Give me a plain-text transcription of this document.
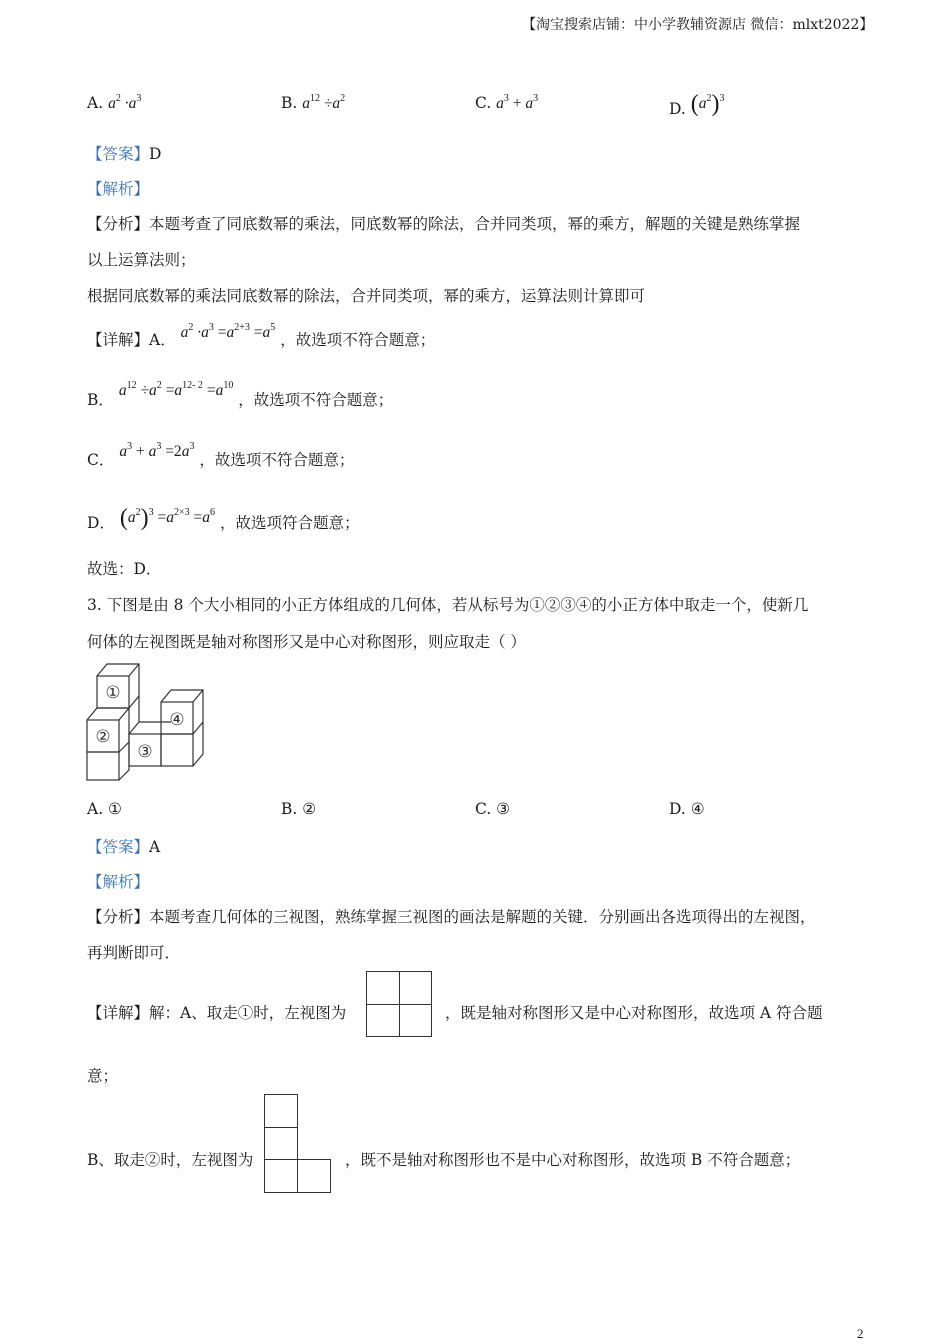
【淘宝搜索店铺：中小学教辅资源店 微信：mlxt2022】
A. $a^2 \cdot a^3$	B. $a^{12} \div a^2$	C. $a^3 + a^3$
D. $(a^2)^3$
【答案】D
【解析】
【分析】本题考查了同底数幂的乘法，同底数幂的除法，合并同类项，幂的乘方，解题的关键是熟练掌握
以上运算法则；
根据同底数幂的乘法同底数幂的除法，合并同类项，幂的乘方，运算法则计算即可
【详解】A． $a^2 \cdot a^3 =a^{2+3} =a^5$ ，故选项不符合题意；
B． $a^{12} \div a^2 =a^{12- 2} =a^{10}$ ，故选项不符合题意；
C． $a^3 + a^3 =2a^3$ ，故选项不符合题意；
D． $(a^2)^3 =a^{2\times 3} =a^6$ ，故选项符合题意；
故选：D．
3. 下图是由 8 个大小相同的小正方体组成的几何体，若从标号为①②③④的小正方体中取走一个，使新几
何体的左视图既是轴对称图形又是中心对称图形，则应取走（ ）
①
②
③
④
A. ①	B. ②	C. ③	D. ④
【答案】A
【解析】
【分析】本题考查几何体的三视图，熟练掌握三视图的画法是解题的关键．分别画出各选项得出的左视图，
再判断即可．
【详解】解：A、取走①时，左视图为	，既是轴对称图形又是中心对称图形，故选项 A 符合题
意；
B、取走②时，左视图为	，既不是轴对称图形也不是中心对称图形，故选项 B 不符合题意；
2
